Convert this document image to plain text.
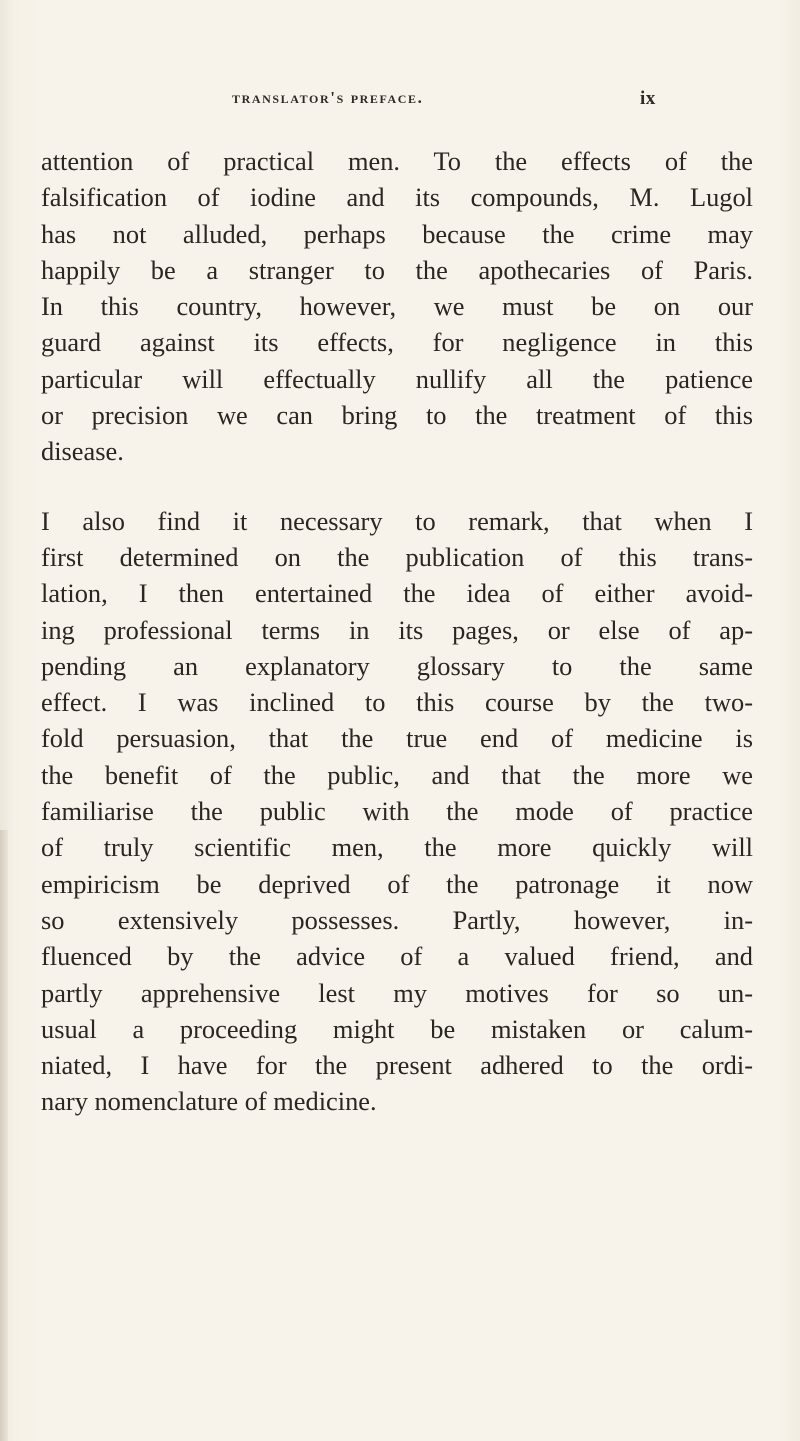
translator's preface.	ix
attention of practical men. To the effects of the
falsification of iodine and its compounds, M. Lugol
has not alluded, perhaps because the crime may
happily be a stranger to the apothecaries of Paris.
In this country, however, we must be on our
guard against its effects, for negligence in this
particular will effectually nullify all the patience
or precision we can bring to the treatment of this
disease.
I also find it necessary to remark, that when I
first determined on the publication of this trans-
lation, I then entertained the idea of either avoid-
ing professional terms in its pages, or else of ap-
pending an explanatory glossary to the same
effect. I was inclined to this course by the two-
fold persuasion, that the true end of medicine is
the benefit of the public, and that the more we
familiarise the public with the mode of practice
of truly scientific men, the more quickly will
empiricism be deprived of the patronage it now
so extensively possesses. Partly, however, in-
fluenced by the advice of a valued friend, and
partly apprehensive lest my motives for so un-
usual a proceeding might be mistaken or calum-
niated, I have for the present adhered to the ordi-
nary nomenclature of medicine.
